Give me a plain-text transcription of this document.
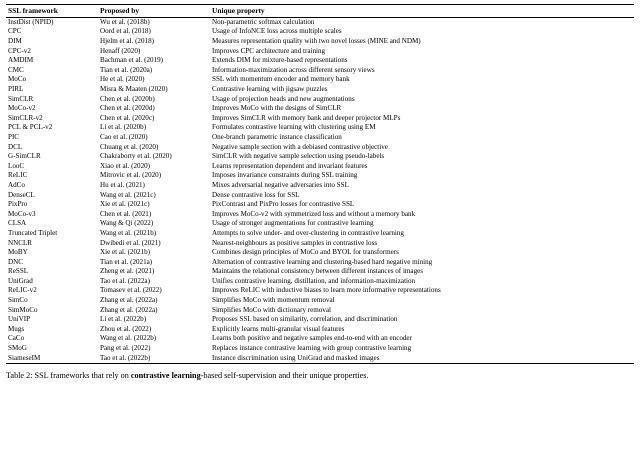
SSL framework	Proposed by	Unique property
InstDist (NPID)	Wu et al. (2018b)	Non-parametric softmax calculation
CPC	Oord et al. (2018)	Usage of InfoNCE loss across multiple scales
DIM	Hjelm et al. (2018)	Measures representation quality with two novel losses (MINE and NDM)
CPC-v2	Henaff (2020)	Improves CPC architecture and training
AMDIM	Bachman et al. (2019)	Extends DIM for mixture-based representations
CMC	Tian et al. (2020a)	Information-maximization across different sensory views
MoCo	He et al. (2020)	SSL with momentum encoder and memory bank
PIRL	Misra & Maaten (2020)	Contrastive learning with jigsaw puzzles
SimCLR	Chen et al. (2020b)	Usage of projection heads and new augmentations
MoCo-v2	Chen et al. (2020d)	Improves MoCo with the designs of SimCLR
SimCLR-v2	Chen et al. (2020c)	Improves SimCLR with memory bank and deeper projector MLPs
PCL & PCL-v2	Li et al. (2020b)	Formulates contrastive learning with clustering using EM
PIC	Cao et al. (2020)	One-branch parametric instance classification
DCL	Chuang et al. (2020)	Negative sample section with a debiased contrastive objective
G-SimCLR	Chakraborty et al. (2020)	SimCLR with negative sample selection using pseudo-labels
LooC	Xiao et al. (2020)	Learns representation dependent and invariant features
ReLIC	Mitrovic et al. (2020)	Imposes invariance constraints during SSL training
AdCo	Hu et al. (2021)	Mixes adversarial negative adversaries into SSL
DenseCL	Wang et al. (2021c)	Dense contrastive loss for SSL
PixPro	Xie et al. (2021c)	PixContrast and PixPro losses for contrastive SSL
MoCo-v3	Chen et al. (2021)	Improves MoCo-v2 with symmetrized loss and without a memory bank
CLSA	Wang & Qi (2022)	Usage of stronger augmentations for contrastive learning
Truncated Triplet	Wang et al. (2021b)	Attempts to solve under- and over-clustering in contrastive learning
NNCLR	Dwibedi et al. (2021)	Nearest-neighbours as positive samples in contrastive loss
MoBY	Xie et al. (2021b)	Combines design principles of MoCo and BYOL for transformers
DNC	Tian et al. (2021a)	Alternation of contrastive learning and clustering-based hard negative mining
ReSSL	Zheng et al. (2021)	Maintains the relational consistency between different instances of images
UniGrad	Tao et al. (2022a)	Unifies contrastive learning, distillation, and information-maximization
ReLIC-v2	Tomasev et al. (2022)	Improves ReLIC with inductive biases to learn more informative representations
SimCo	Zhang et al. (2022a)	Simplifies MoCo with momentum removal
SimMoCo	Zhang et al. (2022a)	Simplifies MoCo with dictionary removal
UniVIP	Li et al. (2022b)	Proposes SSL based on similarity, correlation, and discrimination
Mugs	Zhou et al. (2022)	Explicitly learns multi-granular visual features
CaCo	Wang et al. (2022b)	Learns both positive and negative samples end-to-end with an encoder
SMoG	Pang et al. (2022)	Replaces instance contrastive learning with group contrastive learning
SiameseIM	Tao et al. (2022b)	Instance discrimination using UniGrad and masked images
Table 2: SSL frameworks that rely on contrastive learning-based self-supervision and their unique properties.
